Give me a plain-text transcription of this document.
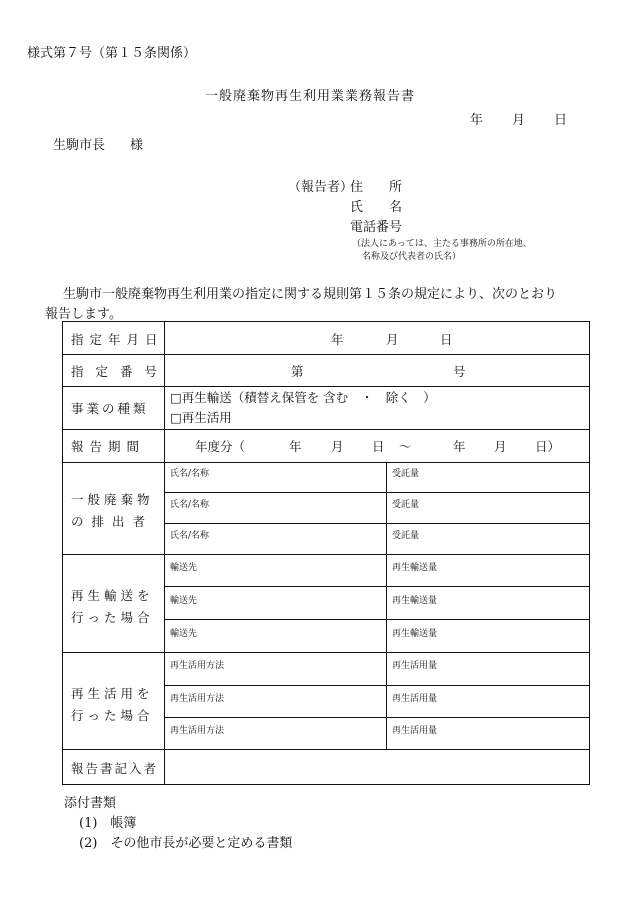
様式第７号（第１５条関係）
一般廃棄物再生利用業業務報告書
年 月 日
生駒市長 様
（報告者）
住　　所
氏　　名
電話番号
（法人にあっては、主たる事務所の所在地、
名称及び代表者の氏名）
生駒市一般廃棄物再生利用業の指定に関する規則第１５条の規定により、次のとおり
報告します。
指定年月日	年	月	日
指定番号	第	号
事業の種類
□再生輸送（積替え保管を 含む　・　除く　）
□再生活用
報告期間	年度分（	年 月 日 ～	年 月 日）
一般廃棄物
の排出者
氏名/名称	受託量
氏名/名称	受託量
氏名/名称	受託量
再生輸送を
行った場合
輸送先	再生輸送量
輸送先	再生輸送量
輸送先	再生輸送量
再生活用を
行った場合
再生活用方法	再生活用量
再生活用方法	再生活用量
再生活用方法	再生活用量
報告書記入者
添付書類
(1)　帳簿
(2)　その他市長が必要と定める書類
